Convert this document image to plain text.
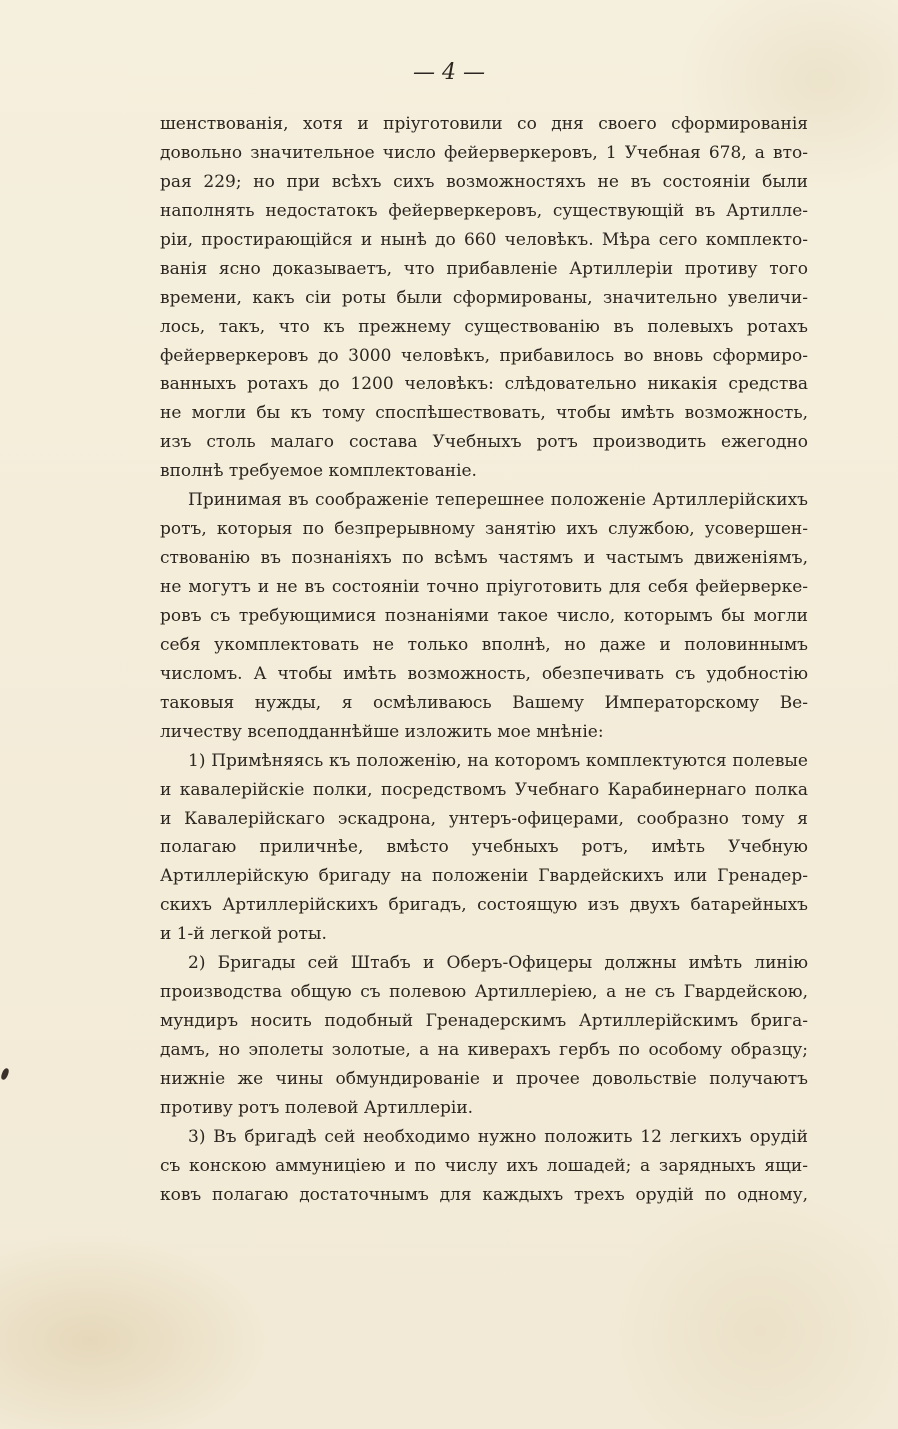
— 4 —
шенствованія, хотя и пріуготовили со дня своего сформированія
довольно значительное число фейерверкеровъ, 1 Учебная 678, а вто-
рая 229; но при всѣхъ сихъ возможностяхъ не въ состояніи были
наполнять недостатокъ фейерверкеровъ, существующій въ Артилле-
ріи, простирающійся и нынѣ до 660 человѣкъ. Мѣра сего комплекто-
ванія ясно доказываетъ, что прибавленіе Артиллеріи противу того
времени, какъ сіи роты были сформированы, значительно увеличи-
лось, такъ, что къ прежнему существованію въ полевыхъ ротахъ
фейерверкеровъ до 3000 человѣкъ, прибавилось во вновь сформиро-
ванныхъ ротахъ до 1200 человѣкъ: слѣдовательно никакія средства
не могли бы къ тому споспѣшествовать, чтобы имѣть возможность,
изъ столь малаго состава Учебныхъ ротъ производить ежегодно
вполнѣ требуемое комплектованіе.
Принимая въ соображеніе теперешнее положеніе Артиллерійскихъ
ротъ, которыя по безпрерывному занятію ихъ службою, усовершен-
ствованію въ познаніяхъ по всѣмъ частямъ и частымъ движеніямъ,
не могутъ и не въ состояніи точно пріуготовить для себя фейерверке-
ровъ съ требующимися познаніями такое число, которымъ бы могли
себя укомплектовать не только вполнѣ, но даже и половиннымъ
числомъ. А чтобы имѣть возможность, обезпечивать съ удобностію
таковыя нужды, я осмѣливаюсь Вашему Императорскому Ве-
личеству всеподданнѣйше изложить мое мнѣніе:
1) Примѣняясь къ положенію, на которомъ комплектуются полевые
и кавалерійскіе полки, посредствомъ Учебнаго Карабинернаго полка
и Кавалерійскаго эскадрона, унтеръ-офицерами, сообразно тому я
полагаю приличнѣе, вмѣсто учебныхъ ротъ, имѣть Учебную
Артиллерійскую бригаду на положеніи Гвардейскихъ или Гренадер-
скихъ Артиллерійскихъ бригадъ, состоящую изъ двухъ батарейныхъ
и 1-й легкой роты.
2) Бригады сей Штабъ и Оберъ-Офицеры должны имѣть линію
производства общую съ полевою Артиллеріею, а не съ Гвардейскою,
мундиръ носить подобный Гренадерскимъ Артиллерійскимъ брига-
дамъ, но эполеты золотые, а на киверахъ гербъ по особому образцу;
нижніе же чины обмундированіе и прочее довольствіе получаютъ
противу ротъ полевой Артиллеріи.
3) Въ бригадѣ сей необходимо нужно положить 12 легкихъ орудій
съ конскою аммуниціею и по числу ихъ лошадей; а зарядныхъ ящи-
ковъ полагаю достаточнымъ для каждыхъ трехъ орудій по одному,
